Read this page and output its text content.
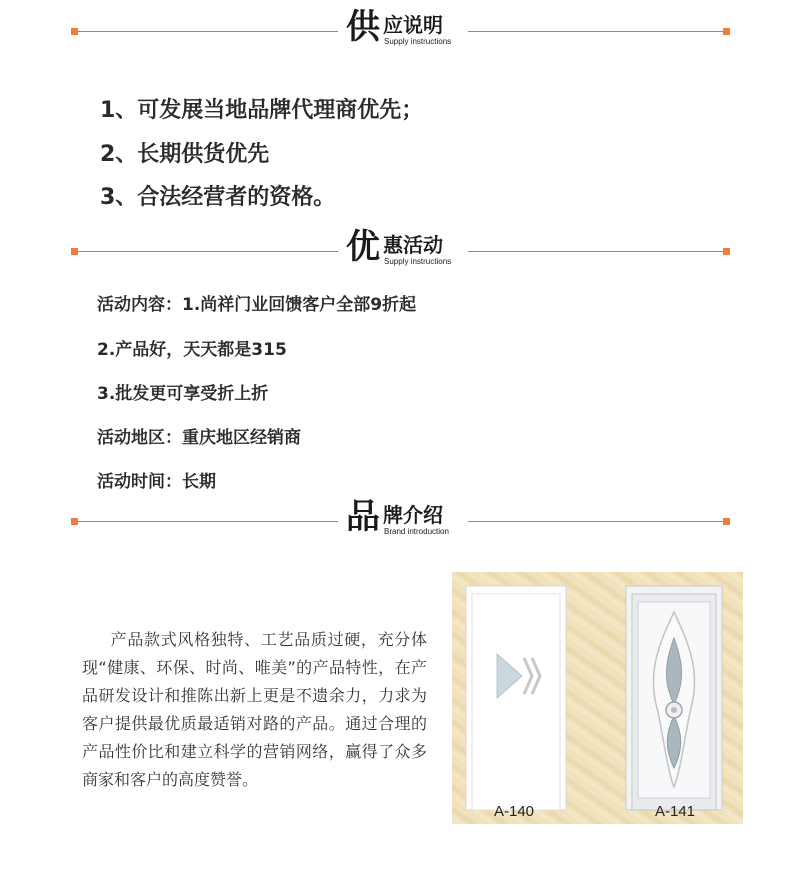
供 应说明
Supply instructions
1、可发展当地品牌代理商优先；
2、长期供货优先
3、合法经营者的资格。
优 惠活动
Supply instructions
活动内容：1.尚祥门业回馈客户全部9折起
2.产品好，天天都是315
3.批发更可享受折上折
活动地区：重庆地区经销商
活动时间：长期
品 牌介绍
Brand introduction
产品款式风格独特、工艺品质过硬，充分体现“健康、环保、时尚、唯美”的产品特性，在产品研发设计和推陈出新上更是不遗余力，力求为客户提供最优质最适销对路的产品。通过合理的产品性价比和建立科学的营销网络，赢得了众多商家和客户的高度赞誉。
A-140	A-141
